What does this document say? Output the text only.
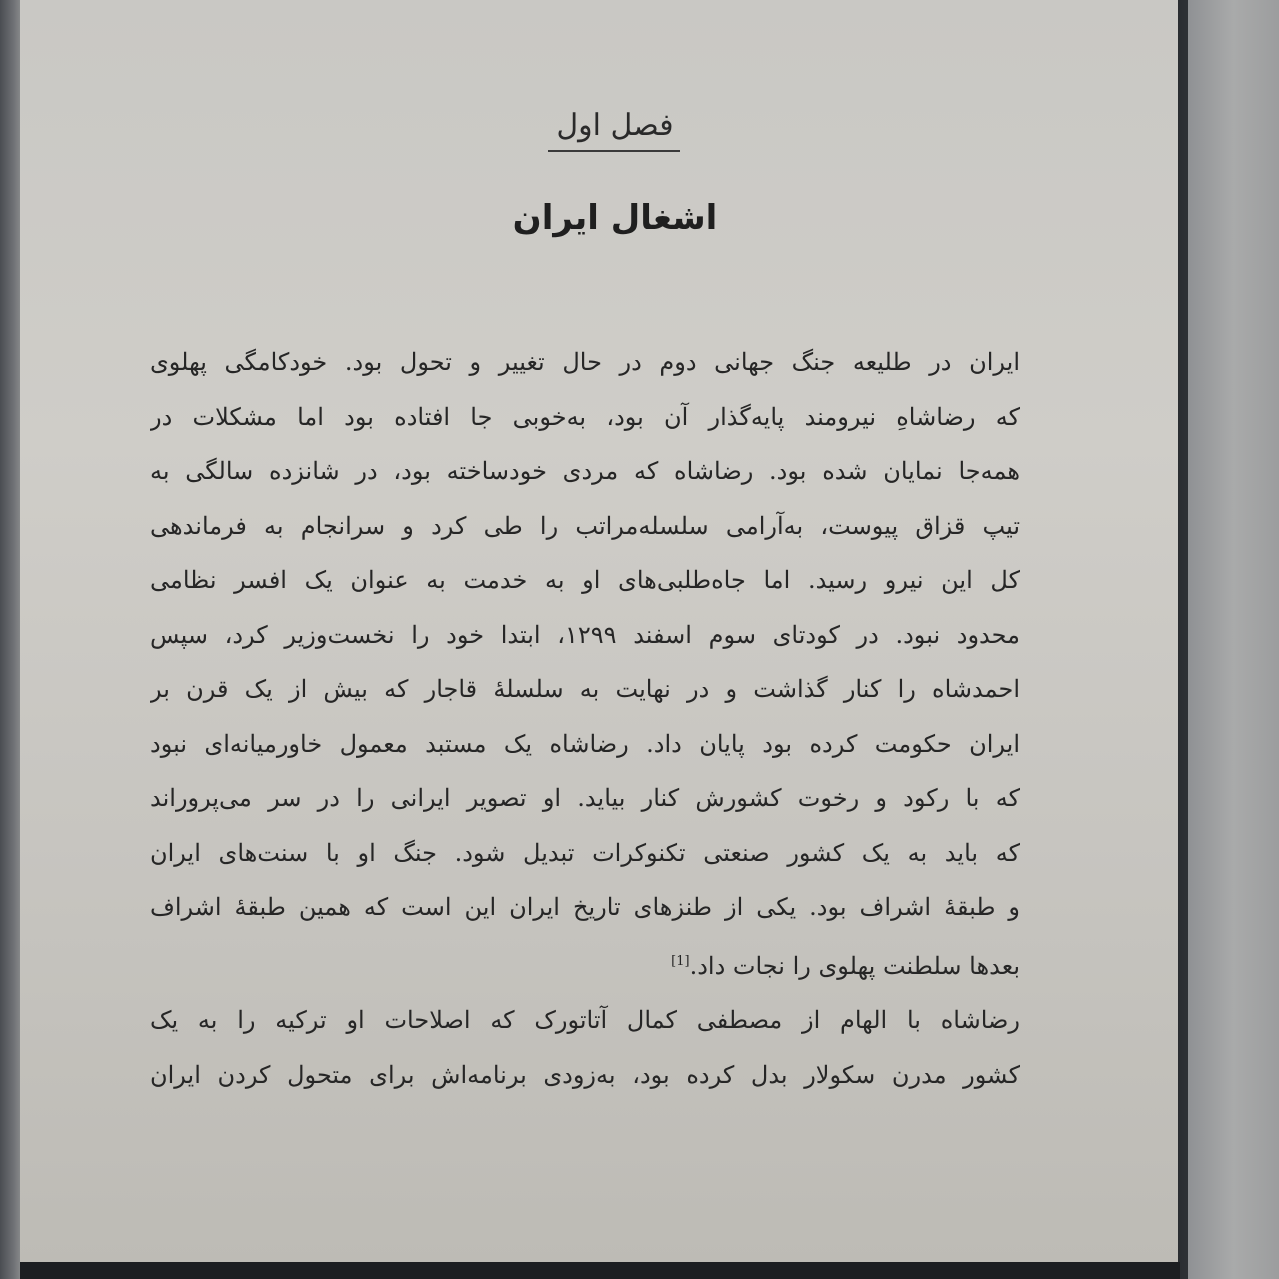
فصل اول
اشغال ایران
ایران در طلیعه جنگ جهانی دوم در حال تغییر و تحول بود. خودکامگی پهلوی
که رضاشاهِ نیرومند پایه‌گذار آن بود، به‌خوبی جا افتاده بود اما مشکلات در
همه‌جا نمایان شده بود. رضاشاه که مردی خودساخته بود، در شانزده سالگی به
تیپ قزاق پیوست، به‌آرامی سلسله‌مراتب را طی کرد و سرانجام به فرماندهی
کل این نیرو رسید. اما جاه‌طلبی‌های او به خدمت به عنوان یک افسر نظامی
محدود نبود. در کودتای سوم اسفند ۱۲۹۹، ابتدا خود را نخست‌وزیر کرد، سپس
احمدشاه را کنار گذاشت و در نهایت به سلسلهٔ قاجار که بیش از یک قرن بر
ایران حکومت کرده بود پایان داد. رضاشاه یک مستبد معمول خاورمیانه‌ای نبود
که با رکود و رخوت کشورش کنار بیاید. او تصویر ایرانی را در سر می‌پروراند
که باید به یک کشور صنعتی تکنوکرات تبدیل شود. جنگ او با سنت‌های ایران
و طبقهٔ اشراف بود. یکی از طنزهای تاریخ ایران این است که همین طبقهٔ اشراف
بعدها سلطنت پهلوی را نجات داد.[1]
رضاشاه با الهام از مصطفی کمال آتاتورک که اصلاحات او ترکیه را به یک
کشور مدرن سکولار بدل کرده بود، به‌زودی برنامه‌اش برای متحول کردن ایران
